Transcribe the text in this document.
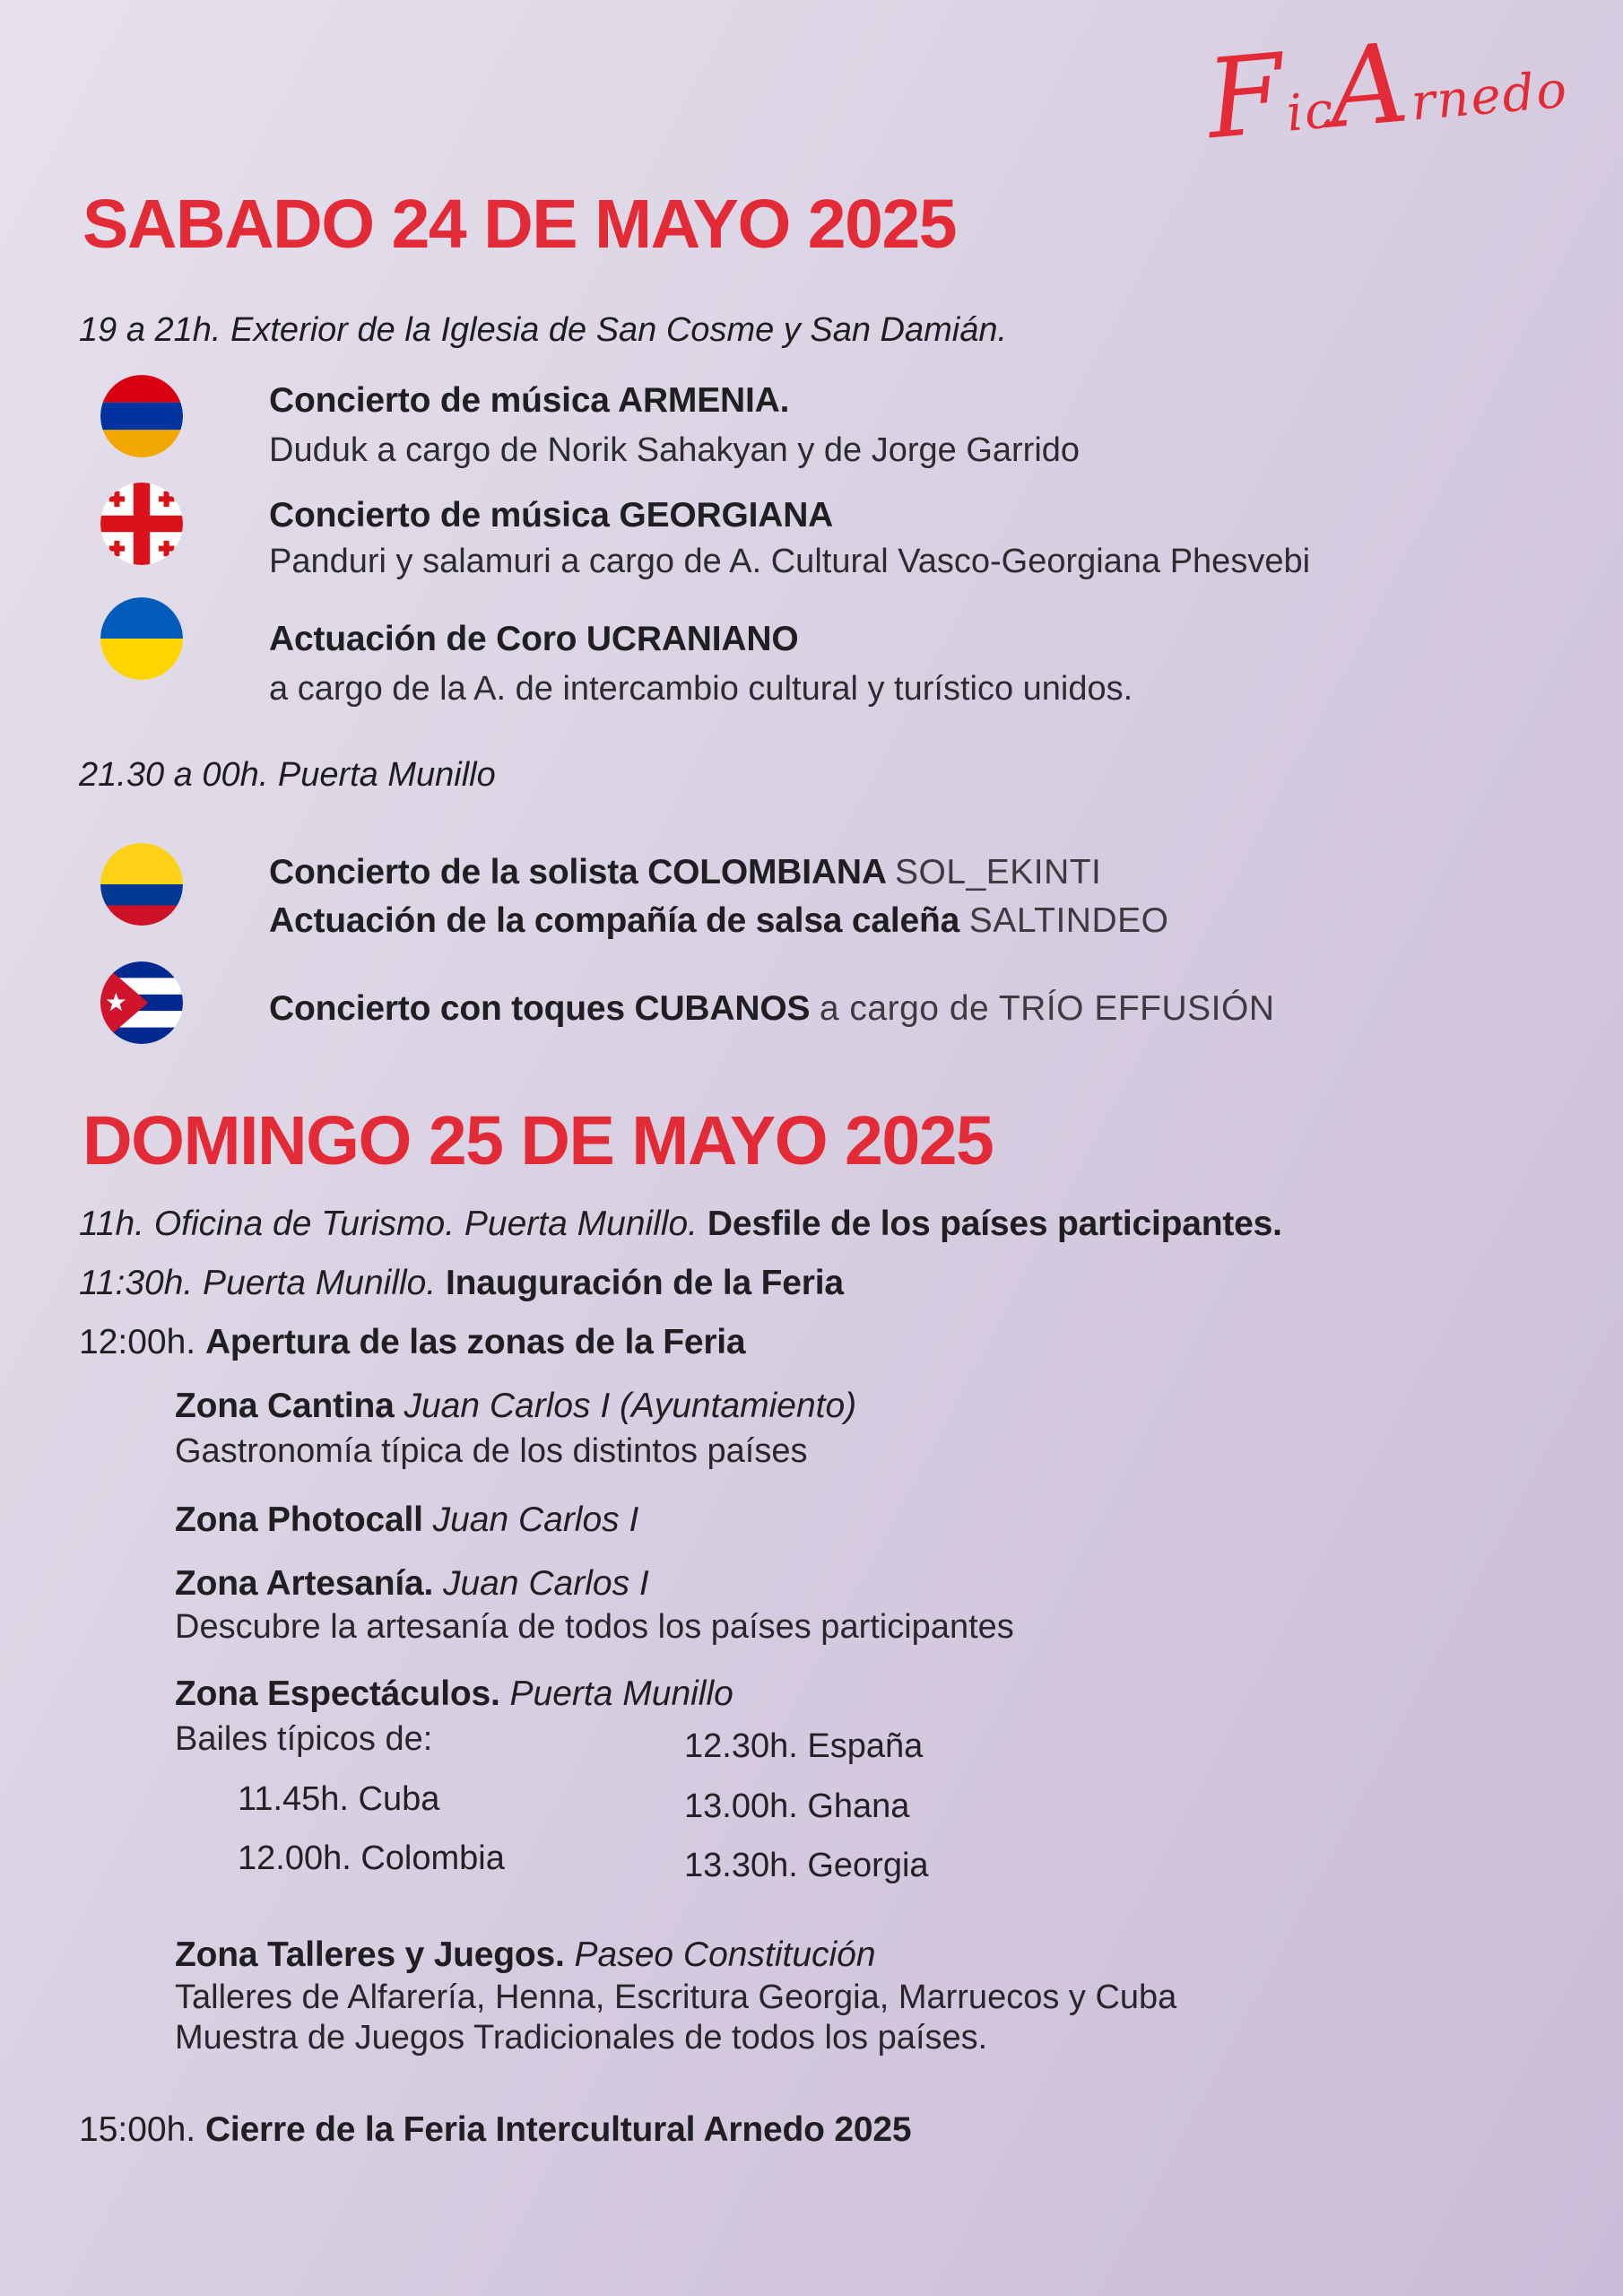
FicArnedo
SABADO 24 DE MAYO 2025

19 a 21h. Exterior de la Iglesia de San Cosme y San Damián.

Concierto de música ARMENIA.

Duduk a cargo de Norik Sahakyan y de Jorge Garrido

Concierto de música GEORGIANA

Panduri y salamuri a cargo de A. Cultural Vasco-Georgiana Phesvebi

Actuación de Coro UCRANIANO

a cargo de la A. de intercambio cultural y turístico unidos.

21.30 a 00h. Puerta Munillo

Concierto de la solista COLOMBIANA SOL_EKINTI

Actuación de la compañía de salsa caleña SALTINDEO

Concierto con toques CUBANOS a cargo de TRÍO EFFUSIÓN

DOMINGO 25 DE MAYO 2025

11h. Oficina de Turismo. Puerta Munillo. Desfile de los países participantes.

11:30h. Puerta Munillo. Inauguración de la Feria

12:00h. Apertura de las zonas de la Feria

Zona Cantina Juan Carlos I (Ayuntamiento)

Gastronomía típica de los distintos países

Zona Photocall Juan Carlos I

Zona Artesanía. Juan Carlos I

Descubre la artesanía de todos los países participantes

Zona Espectáculos. Puerta Munillo

Bailes típicos de:

11.45h. Cuba

12.00h. Colombia

12.30h. España

13.00h. Ghana

13.30h. Georgia

Zona Talleres y Juegos. Paseo Constitución

Talleres de Alfarería, Henna, Escritura Georgia, Marruecos y Cuba

Muestra de Juegos Tradicionales de todos los países.

15:00h. Cierre de la Feria Intercultural Arnedo 2025
